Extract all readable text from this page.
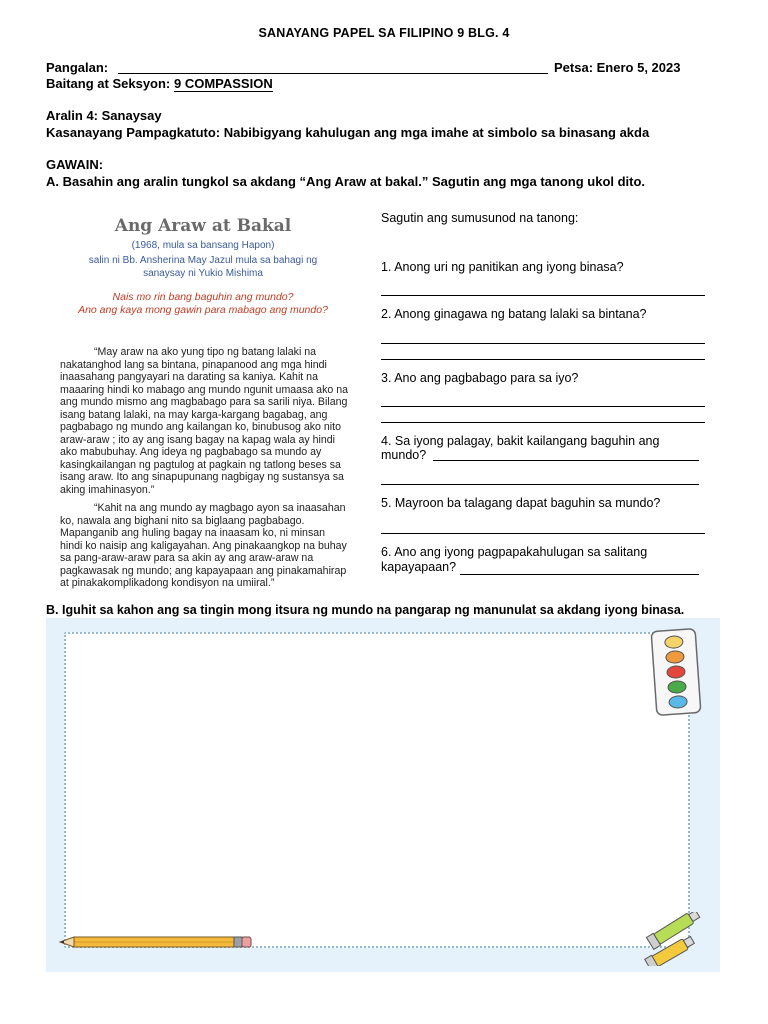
SANAYANG PAPEL SA FILIPINO 9 BLG. 4
Pangalan:	Petsa: Enero 5, 2023
Baitang at Seksyon: 9 COMPASSION
Aralin 4: Sanaysay
Kasanayang Pampagkatuto: Nabibigyang kahulugan ang mga imahe at simbolo sa binasang akda
GAWAIN:
A. Basahin ang aralin tungkol sa akdang “Ang Araw at bakal.” Sagutin ang mga tanong ukol dito.
Ang Araw at Bakal
(1968, mula sa bansang Hapon)
salin ni Bb. Ansherina May Jazul mula sa bahagi ng
sanaysay ni Yukio Mishima
Nais mo rin bang baguhin ang mundo?
Ano ang kaya mong gawin para mabago ang mundo?

“May araw na ako yung tipo ng batang lalaki na nakatanghod lang sa bintana, pinapanood ang mga hindi inaasahang pangyayari na darating sa kaniya. Kahit na maaaring hindi ko mabago ang mundo ngunit umaasa ako na ang mundo mismo ang magbabago para sa sarili niya. Bilang isang batang lalaki, na may karga-kargang bagabag, ang pagbabago ng mundo ang kailangan ko, binubusog ako nito araw-araw ; ito ay ang isang bagay na kapag wala ay hindi ako mabubuhay. Ang ideya ng pagbabago sa mundo ay kasingkailangan ng pagtulog at pagkain ng tatlong beses sa isang araw. Ito ang sinapupunang nagbigay ng sustansya sa aking imahinasyon.”

“Kahit na ang mundo ay magbago ayon sa inaasahan ko, nawala ang bighani nito sa biglaang pagbabago. Mapanganib ang huling bagay na inaasam ko, ni minsan hindi ko naisip ang kaligayahan. Ang pinakaangkop na buhay sa pang-araw-araw para sa akin ay ang araw-araw na pagkawasak ng mundo; ang kapayapaan ang pinakamahirap at pinakakomplikadong kondisyon na umiiral.”

Sagutin ang sumusunod na tanong:
1. Anong uri ng panitikan ang iyong binasa?
2. Anong ginagawa ng batang lalaki sa bintana?
3. Ano ang pagbabago para sa iyo?
4. Sa iyong palagay, bakit kailangang baguhin ang
mundo?
5. Mayroon ba talagang dapat baguhin sa mundo?
6. Ano ang iyong pagpapakahulugan sa salitang
kapayapaan?
B. Iguhit sa kahon ang sa tingin mong itsura ng mundo na pangarap ng manunulat sa akdang iyong binasa.
